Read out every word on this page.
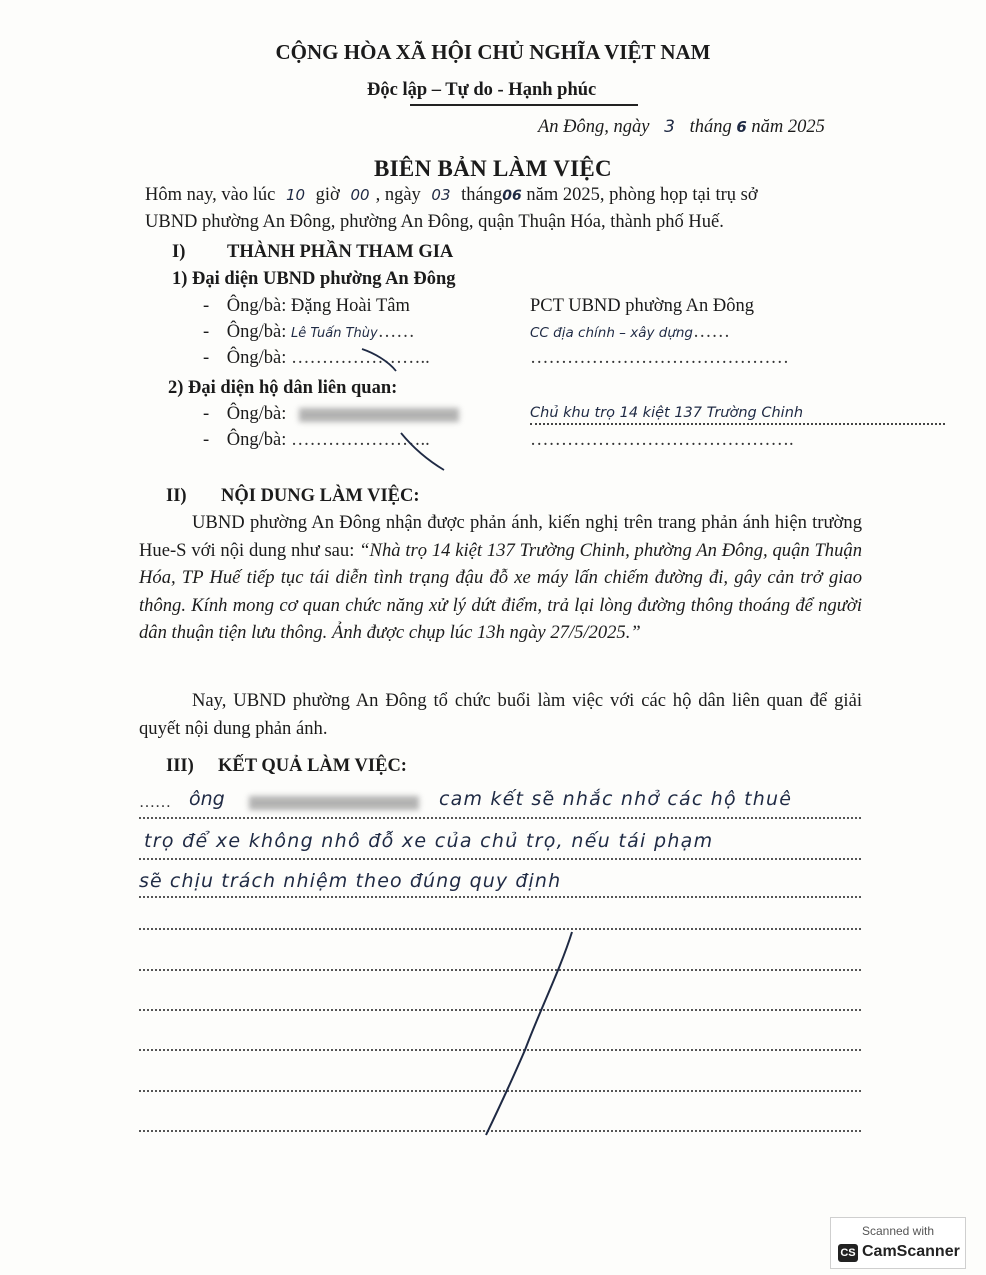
CỘNG HÒA XÃ HỘI CHỦ NGHĨA VIỆT NAM
Độc lập – Tự do - Hạnh phúc
An Đông, ngày 3 tháng 6 năm 2025
BIÊN BẢN LÀM VIỆC
Hôm nay, vào lúc 10 giờ 00 , ngày 03 tháng06 năm 2025, phòng họp tại trụ sở
UBND phường An Đông, phường An Đông, quận Thuận Hóa, thành phố Huế.
I) THÀNH PHẦN THAM GIA
1) Đại diện UBND phường An Đông
- Ông/bà: Đặng Hoài Tâm	PCT UBND phường An Đông
- Ông/bà: Lê Tuấn Thùy……	CC địa chính – xây dựng……
- Ông/bà: …………………..	……………………………………
2) Đại diện hộ dân liên quan:
- Ông/bà:	Chủ khu trọ 14 kiệt 137 Trường Chinh
- Ông/bà: …………………..	…………………………………….
II) NỘI DUNG LÀM VIỆC:
UBND phường An Đông nhận được phản ánh, kiến nghị trên trang phản ánh hiện trường Hue-S với nội dung như sau: “Nhà trọ 14 kiệt 137 Trường Chinh, phường An Đông, quận Thuận Hóa, TP Huế tiếp tục tái diễn tình trạng đậu đỗ xe máy lấn chiếm đường đi, gây cản trở giao thông. Kính mong cơ quan chức năng xử lý dứt điểm, trả lại lòng đường thông thoáng để người dân thuận tiện lưu thông. Ảnh được chụp lúc 13h ngày 27/5/2025.”
Nay, UBND phường An Đông tổ chức buổi làm việc với các hộ dân liên quan để giải quyết nội dung phản ánh.
III) KẾT QUẢ LÀM VIỆC:
…… ông	cam kết sẽ nhắc nhở các hộ thuê
trọ để xe không nhô đỗ xe của chủ trọ, nếu tái phạm
sẽ chịu trách nhiệm theo đúng quy định
Scanned with
CS CamScanner
